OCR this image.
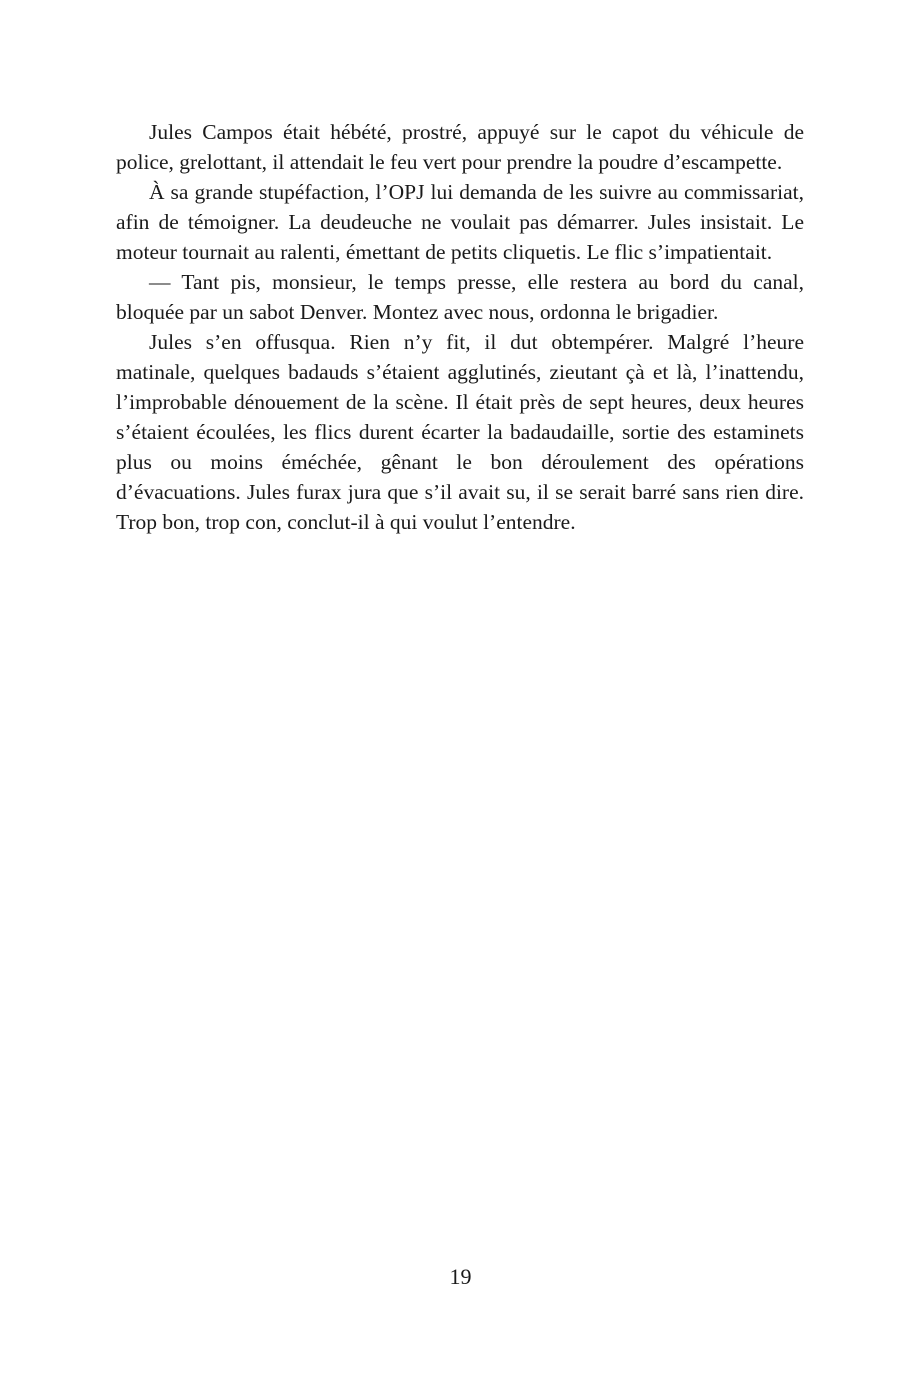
Jules Campos était hébété, prostré, appuyé sur le capot du véhicule de police, grelottant, il attendait le feu vert pour prendre la poudre d’escampette.

À sa grande stupéfaction, l’OPJ lui demanda de les suivre au commissariat, afin de témoigner. La deudeuche ne voulait pas démarrer. Jules insistait. Le moteur tournait au ralenti, émettant de petits cliquetis. Le flic s’impatientait.

— Tant pis, monsieur, le temps presse, elle restera au bord du canal, bloquée par un sabot Denver. Montez avec nous, ordonna le brigadier.

Jules s’en offusqua. Rien n’y fit, il dut obtempérer. Malgré l’heure matinale, quelques badauds s’étaient agglutinés, zieutant çà et là, l’inattendu, l’improbable dénouement de la scène. Il était près de sept heures, deux heures s’étaient écoulées, les flics durent écarter la badaudaille, sortie des estaminets plus ou moins éméchée, gênant le bon déroulement des opérations d’évacuations. Jules furax jura que s’il avait su, il se serait barré sans rien dire. Trop bon, trop con, conclut-il à qui voulut l’entendre.

19
